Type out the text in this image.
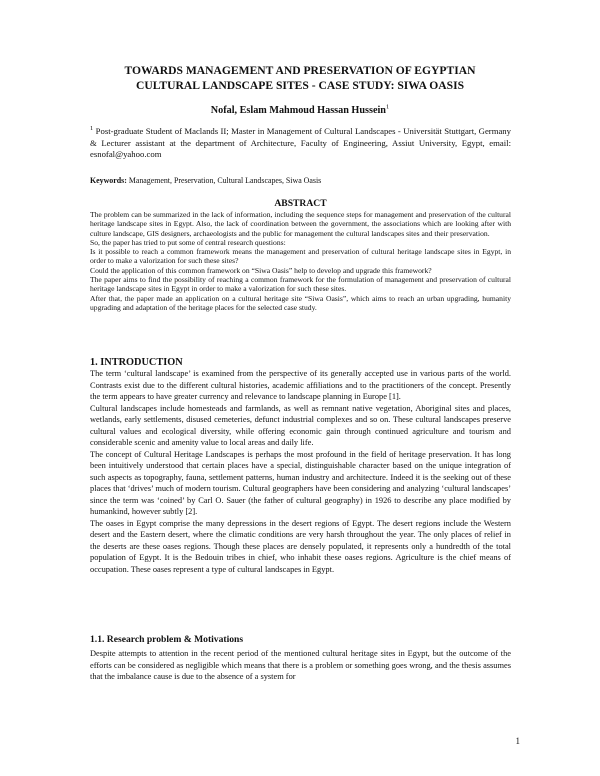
TOWARDS MANAGEMENT AND PRESERVATION OF EGYPTIAN
CULTURAL LANDSCAPE SITES - CASE STUDY: SIWA OASIS
Nofal, Eslam Mahmoud Hassan Hussein$^1$
$^1$ Post-graduate Student of Maclands II; Master in Management of Cultural Landscapes - Universität Stuttgart, Germany & Lecturer assistant at the department of Architecture, Faculty of Engineering, Assiut University, Egypt, email: esnofal@yahoo.com
Keywords: Management, Preservation, Cultural Landscapes, Siwa Oasis
ABSTRACT

The problem can be summarized in the lack of information, including the sequence steps for management and preservation of the cultural heritage landscape sites in Egypt. Also, the lack of coordination between the government, the associations which are looking after with culture landscape, GIS designers, archaeologists and the public for management the cultural landscapes sites and their preservation.

So, the paper has tried to put some of central research questions:

Is it possible to reach a common framework means the management and preservation of cultural heritage landscape sites in Egypt, in order to make a valorization for such these sites?

Could the application of this common framework on “Siwa Oasis” help to develop and upgrade this framework?

The paper aims to find the possibility of reaching a common framework for the formulation of management and preservation of cultural heritage landscape sites in Egypt in order to make a valorization for such these sites.

After that, the paper made an application on a cultural heritage site “Siwa Oasis”, which aims to reach an urban upgrading, humanity upgrading and adaptation of the heritage places for the selected case study.

1. INTRODUCTION

The term ‘cultural landscape’ is examined from the perspective of its generally accepted use in various parts of the world. Contrasts exist due to the different cultural histories, academic affiliations and to the practitioners of the concept. Presently the term appears to have greater currency and relevance to landscape planning in Europe [1].

Cultural landscapes include homesteads and farmlands, as well as remnant native vegetation, Aboriginal sites and places, wetlands, early settlements, disused cemeteries, defunct industrial complexes and so on. These cultural landscapes preserve cultural values and ecological diversity, while offering economic gain through continued agriculture and tourism and considerable scenic and amenity value to local areas and daily life.

The concept of Cultural Heritage Landscapes is perhaps the most profound in the field of heritage preservation. It has long been intuitively understood that certain places have a special, distinguishable character based on the unique integration of such aspects as topography, fauna, settlement patterns, human industry and architecture. Indeed it is the seeking out of these places that ‘drives’ much of modern tourism. Cultural geographers have been considering and analyzing ‘cultural landscapes’ since the term was ‘coined’ by Carl O. Sauer (the father of cultural geography) in 1926 to describe any place modified by humankind, however subtly [2].

The oases in Egypt comprise the many depressions in the desert regions of Egypt. The desert regions include the Western desert and the Eastern desert, where the climatic conditions are very harsh throughout the year. The only places of relief in the deserts are these oases regions. Though these places are densely populated, it represents only a hundredth of the total population of Egypt. It is the Bedouin tribes in chief, who inhabit these oases regions. Agriculture is the chief means of occupation. These oases represent a type of cultural landscapes in Egypt.

1.1. Research problem & Motivations

Despite attempts to attention in the recent period of the mentioned cultural heritage sites in Egypt, but the outcome of the efforts can be considered as negligible which means that there is a problem or something goes wrong, and the thesis assumes that the imbalance cause is due to the absence of a system for

1
